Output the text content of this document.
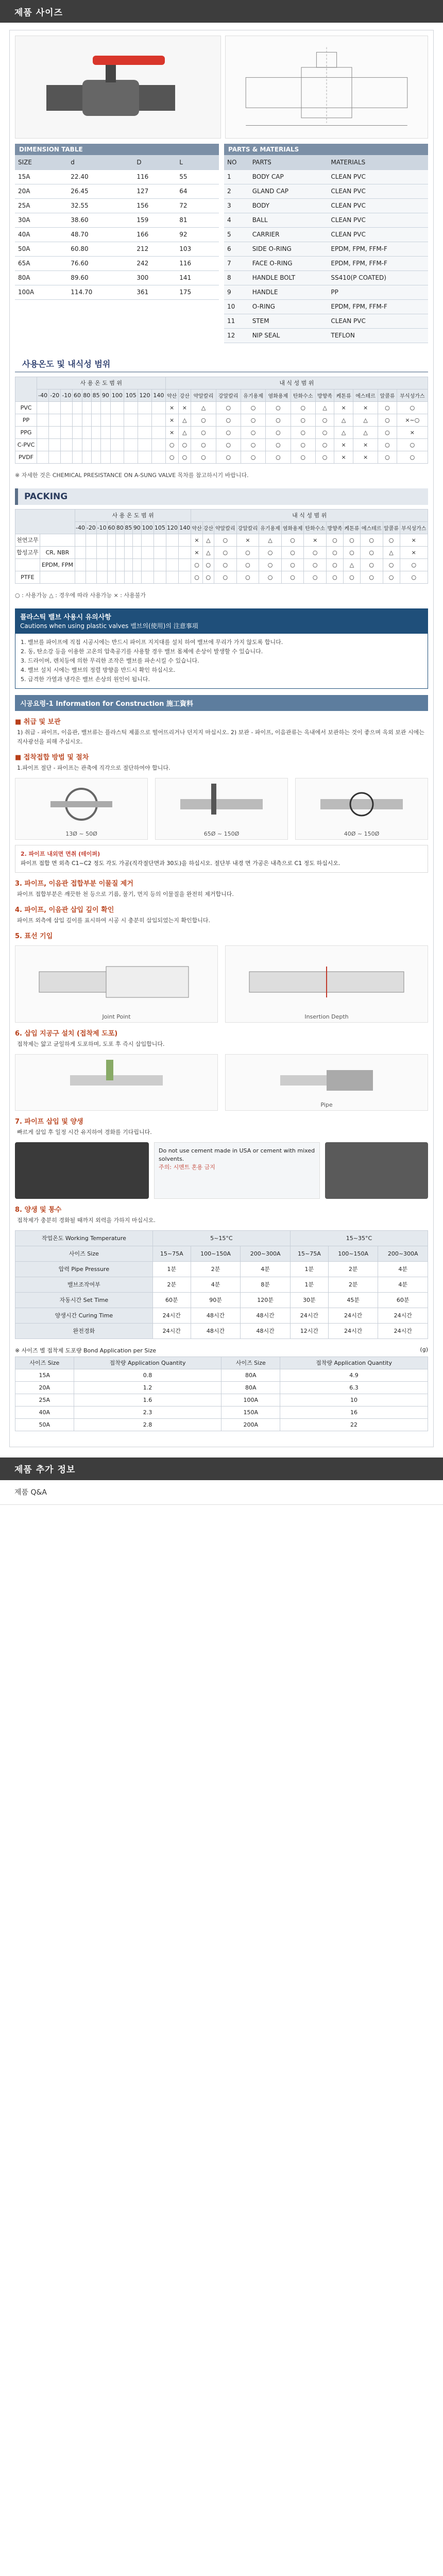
제품 사이즈
DIMENSION TABLE
SIZE	d	D	L
15A	22.40	116	55
20A	26.45	127	64
25A	32.55	156	72
30A	38.60	159	81
40A	48.70	166	92
50A	60.80	212	103
65A	76.60	242	116
80A	89.60	300	141
100A	114.70	361	175
PARTS & MATERIALS
NO	PARTS	MATERIALS
1	BODY CAP	CLEAN PVC
2	GLAND CAP	CLEAN PVC
3	BODY	CLEAN PVC
4	BALL	CLEAN PVC
5	CARRIER	CLEAN PVC
6	SIDE O-RING	EPDM, FPM, FFM-F
7	FACE O-RING	EPDM, FPM, FFM-F
8	HANDLE BOLT	SS410(P COATED)
9	HANDLE	PP
10	O-RING	EPDM, FPM, FFM-F
11	STEM	CLEAN PVC
12	NIP SEAL	TEFLON
사용온도 및 내식성 범위
	사 용 온 도 범 위											내 식 성 범 위											
	-40	-20	-10	60	80	85	90	100	105	120	140	약산	강산	약알칼리	강알칼리	유기용제	염화용제	탄화수소	방향족	케톤류	에스테르	알콜류	부식성가스
PVC												×	×	△	○	○	○	○	△	×	×	○	○
PP												×	△	○	○	○	○	○	○	△	△	○	×~○
PPG												×	△	○	○	○	○	○	○	△	△	○	×
C-PVC												○	○	○	○	○	○	○	○	×	×	○	○
PVDF												○	○	○	○	○	○	○	○	×	×	○	○
※ 자세한 것은 CHEMICAL PRESISTANCE ON A-SUNG VALVE 목차를 참고하시기 바랍니다.
PACKING
		사 용 온 도 범 위											내 식 성 범 위											
		-40	-20	-10	60	80	85	90	100	105	120	140	약산	강산	약알칼리	강알칼리	유기용제	염화용제	탄화수소	방향족	케톤류	에스테르	알콜류	부식성가스
천연고무													×	△	○	×	△	○	×	○	○	○	○	×
합성고무	CR, NBR												×	△	○	○	○	○	○	○	○	○	△	×
	EPDM, FPM												○	○	○	○	○	○	○	○	△	○	○	○
PTFE													○	○	○	○	○	○	○	○	○	○	○	○
○ : 사용가능 △ : 경우에 따라 사용가능 × : 사용불가
플라스틱 밸브 사용시 유의사항
Cautions when using plastic valves 밸브의(使用)의 注意事項
1. 밸브를 파이프에 직접 시공시에는 반드시 파이프 지지대를 설치 하여 밸브에 무리가 가지 않도록 합니다.
2. 동, 탄소강 등을 이용한 고온의 압축공기를 사용할 경우 밸브 몸체에 손상이 발생할 수 있습니다.
3. 드라이버, 렌치등에 의한 무리한 조작은 밸브를 파손시킬 수 있습니다.
4. 밸브 설치 시에는 밸브의 정렬 방향을 반드시 확인 하십시오.
5. 급격한 가열과 냉각은 밸브 손상의 원인이 됩니다.
시공요령-1 Information for Construction 施工資料
■ 취급 및 보관
1) 취급 - 파이프, 이음관, 밸브류는 플라스틱 제품으로 떨어뜨리거나 던지지 마십시오. 2) 보관 - 파이프, 이음관류는 옥내에서 보관하는 것이 좋으며 옥외 보관 시에는 직사광선을 피해 주십시오.
■ 접착접합 방법 및 절차
1.파이프 절단 - 파이프는 관축에 직각으로 절단하여야 합니다.
13Ø ~ 50Ø	65Ø ~ 150Ø	40Ø ~ 150Ø
2. 파이프 내외면 면취 (테이퍼)
파이프 접합 면 외측 C1~C2 정도 각도 가공(직각절단면과 30도)을 하십시오. 절단부 내경 면 가공은 내측으로 C1 정도 하십시오.
3. 파이프, 이음관 접합부분 이물질 제거
파이프 접합부분은 깨끗한 천 등으로 기름, 물기, 먼지 등의 이물질을 완전히 제거합니다.
4. 파이프, 이음관 삽입 깊이 확인
파이프 외측에 삽입 깊이를 표시하여 시공 시 충분히 삽입되었는지 확인합니다.
5. 표선 기입
Joint Point	Insertion Depth
6. 삽입 지공구 설치 (접착제 도포)
접착제는 얇고 균일하게 도포하며, 도포 후 즉시 삽입합니다.
Pipe
7. 파이프 삽입 및 양생
빠르게 삽입 후 일정 시간 유지하여 경화를 기다립니다.
Do not use cement made in USA or cement with mixed solvents.
주의: 시멘트 혼용 금지
8. 양생 및 통수
접착제가 충분히 경화될 때까지 외력을 가하지 마십시오.
작업온도 Working Temperature	5~15°C			15~35°C		
사이즈 Size	15~75A	100~150A	200~300A	15~75A	100~150A	200~300A
압력 Pipe Pressure	1분	2분	4분	1분	2분	4분
밸브조작여부	2분	4분	8분	1분	2분	4분
자동시간 Set Time	60분	90분	120분	30분	45분	60분
양생시간 Curing Time	24시간	48시간	48시간	24시간	24시간	24시간
완전경화	24시간	48시간	48시간	12시간	24시간	24시간
※ 사이즈 별 접착제 도포량 Bond Application per Size	(g)
사이즈 Size	접착량 Application Quantity	사이즈 Size	접착량 Application Quantity
15A	0.8	80A	4.9
20A	1.2	80A	6.3
25A	1.6	100A	10
40A	2.3	150A	16
50A	2.8	200A	22
제품 추가 정보
제품 Q&A
